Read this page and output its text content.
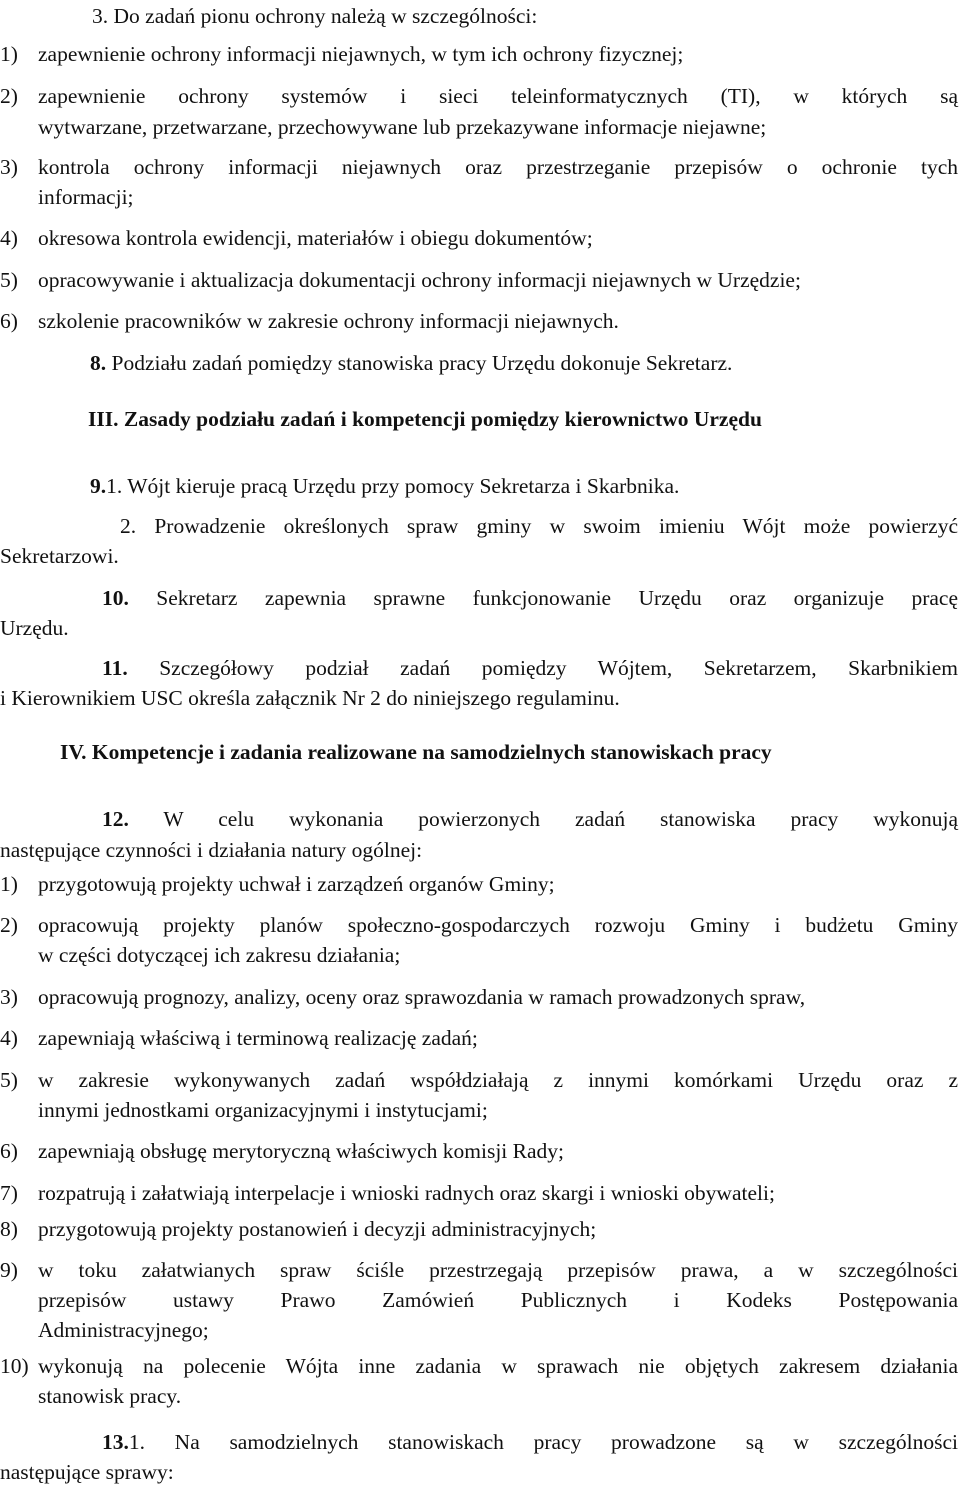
3. Do zadań pionu ochrony należą w szczególności:
1) zapewnienie ochrony informacji niejawnych, w tym ich ochrony fizycznej;
2) zapewnienie ochrony systemów i sieci teleinformatycznych (TI), w których są
wytwarzane, przetwarzane, przechowywane lub przekazywane informacje niejawne;
3) kontrola ochrony informacji niejawnych oraz przestrzeganie przepisów o ochronie tych
informacji;
4) okresowa kontrola ewidencji, materiałów i obiegu dokumentów;
5) opracowywanie i aktualizacja dokumentacji ochrony informacji niejawnych w Urzędzie;
6) szkolenie pracowników w zakresie ochrony informacji niejawnych.
8. Podziału zadań pomiędzy stanowiska pracy Urzędu dokonuje Sekretarz.
III. Zasady podziału zadań i kompetencji pomiędzy kierownictwo Urzędu
9.1. Wójt kieruje pracą Urzędu przy pomocy Sekretarza i Skarbnika.
2. Prowadzenie określonych spraw gminy w swoim imieniu Wójt może powierzyć
Sekretarzowi.
10. Sekretarz zapewnia sprawne funkcjonowanie Urzędu oraz organizuje pracę
Urzędu.
11. Szczegółowy podział zadań pomiędzy Wójtem, Sekretarzem, Skarbnikiem
i Kierownikiem USC określa załącznik Nr 2 do niniejszego regulaminu.
IV. Kompetencje i zadania realizowane na samodzielnych stanowiskach pracy
12. W celu wykonania powierzonych zadań stanowiska pracy wykonują
następujące czynności i działania natury ogólnej:
1) przygotowują projekty uchwał i zarządzeń organów Gminy;
2) opracowują projekty planów społeczno-gospodarczych rozwoju Gminy i budżetu Gminy
w części dotyczącej ich zakresu działania;
3) opracowują prognozy, analizy, oceny oraz sprawozdania w ramach prowadzonych spraw,
4) zapewniają właściwą i terminową realizację zadań;
5) w zakresie wykonywanych zadań współdziałają z innymi komórkami Urzędu oraz z
innymi jednostkami organizacyjnymi i instytucjami;
6) zapewniają obsługę merytoryczną właściwych komisji Rady;
7) rozpatrują i załatwiają interpelacje i wnioski radnych oraz skargi i wnioski obywateli;
8) przygotowują projekty postanowień i decyzji administracyjnych;
9) w toku załatwianych spraw ściśle przestrzegają przepisów prawa, a w szczególności
przepisów ustawy Prawo Zamówień Publicznych i Kodeks Postępowania
Administracyjnego;
10) wykonują na polecenie Wójta inne zadania w sprawach nie objętych zakresem działania
stanowisk pracy.
13.1. Na samodzielnych stanowiskach pracy prowadzone są w szczególności
następujące sprawy:
